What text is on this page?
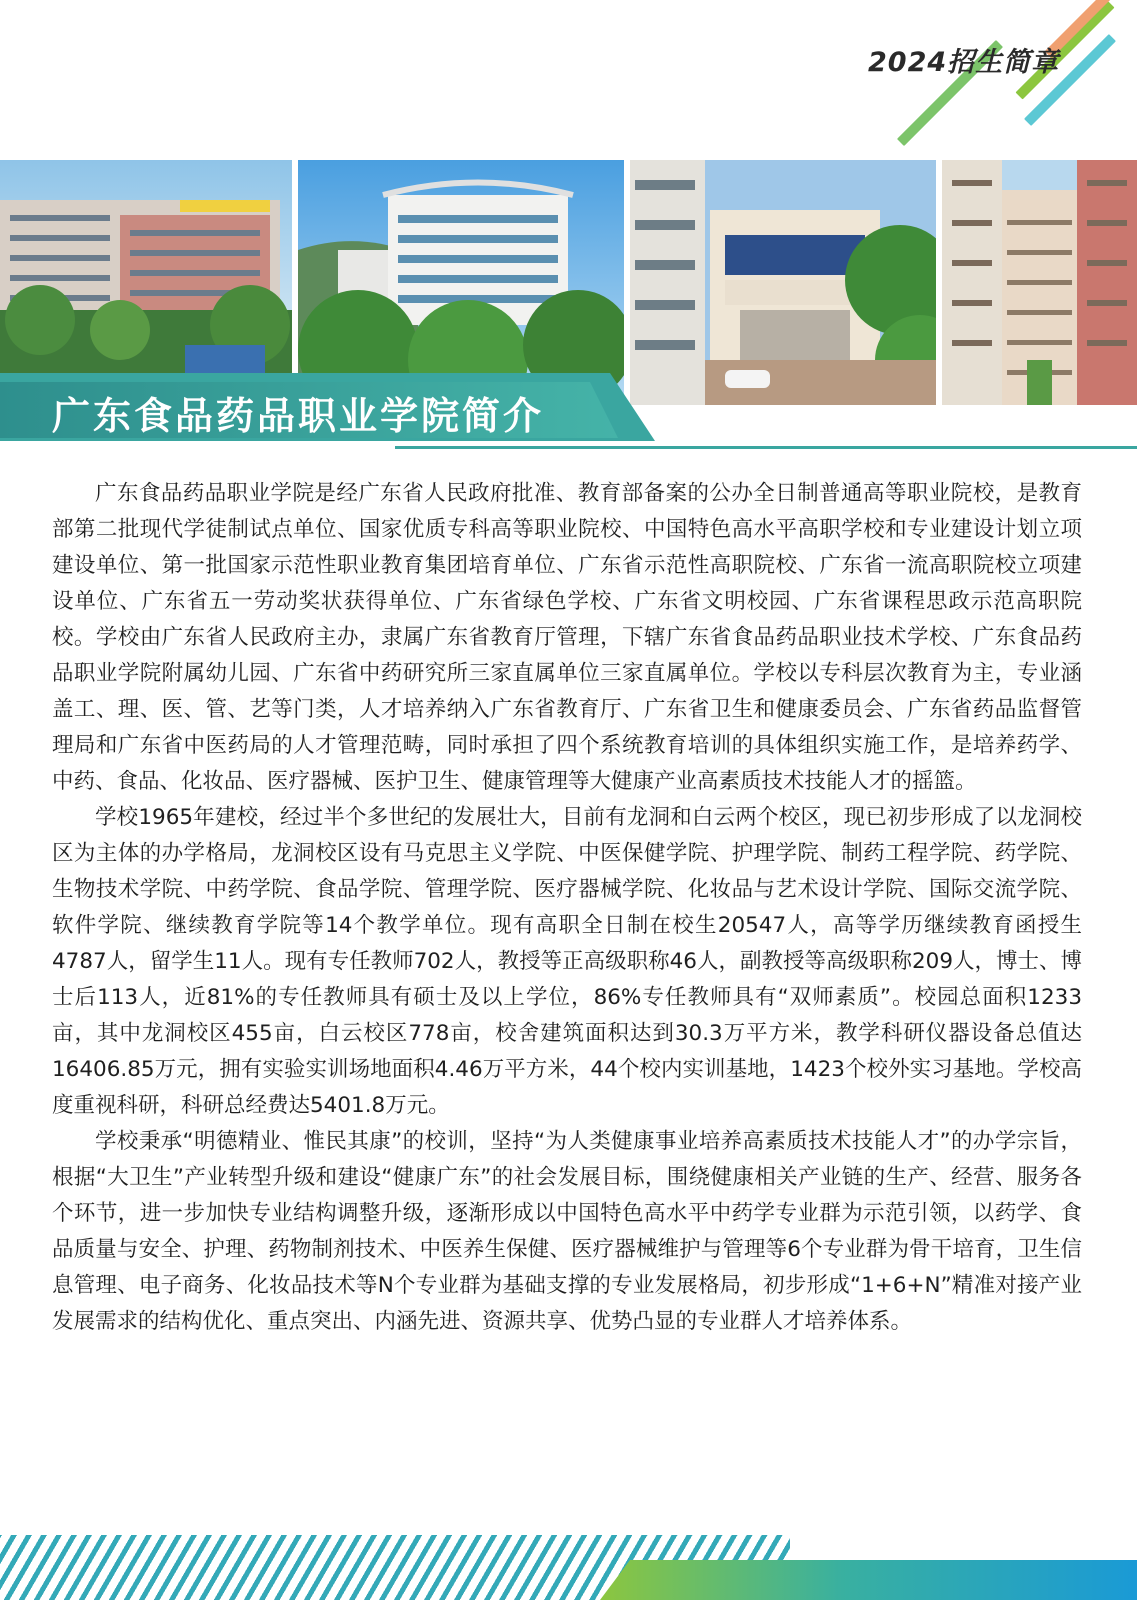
2024招生简章
广东食品药品职业学院简介

广东食品药品职业学院是经广东省人民政府批准、教育部备案的公办全日制普通高等职业院校，是教育部第二批现代学徒制试点单位、国家优质专科高等职业院校、中国特色高水平高职学校和专业建设计划立项建设单位、第一批国家示范性职业教育集团培育单位、广东省示范性高职院校、广东省一流高职院校立项建设单位、广东省五一劳动奖状获得单位、广东省绿色学校、广东省文明校园、广东省课程思政示范高职院校。学校由广东省人民政府主办，隶属广东省教育厅管理，下辖广东省食品药品职业技术学校、广东食品药品职业学院附属幼儿园、广东省中药研究所三家直属单位三家直属单位。学校以专科层次教育为主，专业涵盖工、理、医、管、艺等门类，人才培养纳入广东省教育厅、广东省卫生和健康委员会、广东省药品监督管理局和广东省中医药局的人才管理范畴，同时承担了四个系统教育培训的具体组织实施工作，是培养药学、中药、食品、化妆品、医疗器械、医护卫生、健康管理等大健康产业高素质技术技能人才的摇篮。

学校1965年建校，经过半个多世纪的发展壮大，目前有龙洞和白云两个校区，现已初步形成了以龙洞校区为主体的办学格局，龙洞校区设有马克思主义学院、中医保健学院、护理学院、制药工程学院、药学院、生物技术学院、中药学院、食品学院、管理学院、医疗器械学院、化妆品与艺术设计学院、国际交流学院、软件学院、继续教育学院等14个教学单位。现有高职全日制在校生20547人，高等学历继续教育函授生4787人，留学生11人。现有专任教师702人，教授等正高级职称46人，副教授等高级职称209人，博士、博士后113人，近81%的专任教师具有硕士及以上学位，86%专任教师具有“双师素质”。校园总面积1233亩，其中龙洞校区455亩，白云校区778亩，校舍建筑面积达到30.3万平方米，教学科研仪器设备总值达16406.85万元，拥有实验实训场地面积4.46万平方米，44个校内实训基地，1423个校外实习基地。学校高度重视科研，科研总经费达5401.8万元。

学校秉承“明德精业、惟民其康”的校训，坚持“为人类健康事业培养高素质技术技能人才”的办学宗旨，根据“大卫生”产业转型升级和建设“健康广东”的社会发展目标，围绕健康相关产业链的生产、经营、服务各个环节，进一步加快专业结构调整升级，逐渐形成以中国特色高水平中药学专业群为示范引领，以药学、食品质量与安全、护理、药物制剂技术、中医养生保健、医疗器械维护与管理等6个专业群为骨干培育，卫生信息管理、电子商务、化妆品技术等N个专业群为基础支撑的专业发展格局，初步形成“1+6+N”精准对接产业发展需求的结构优化、重点突出、内涵先进、资源共享、优势凸显的专业群人才培养体系。
